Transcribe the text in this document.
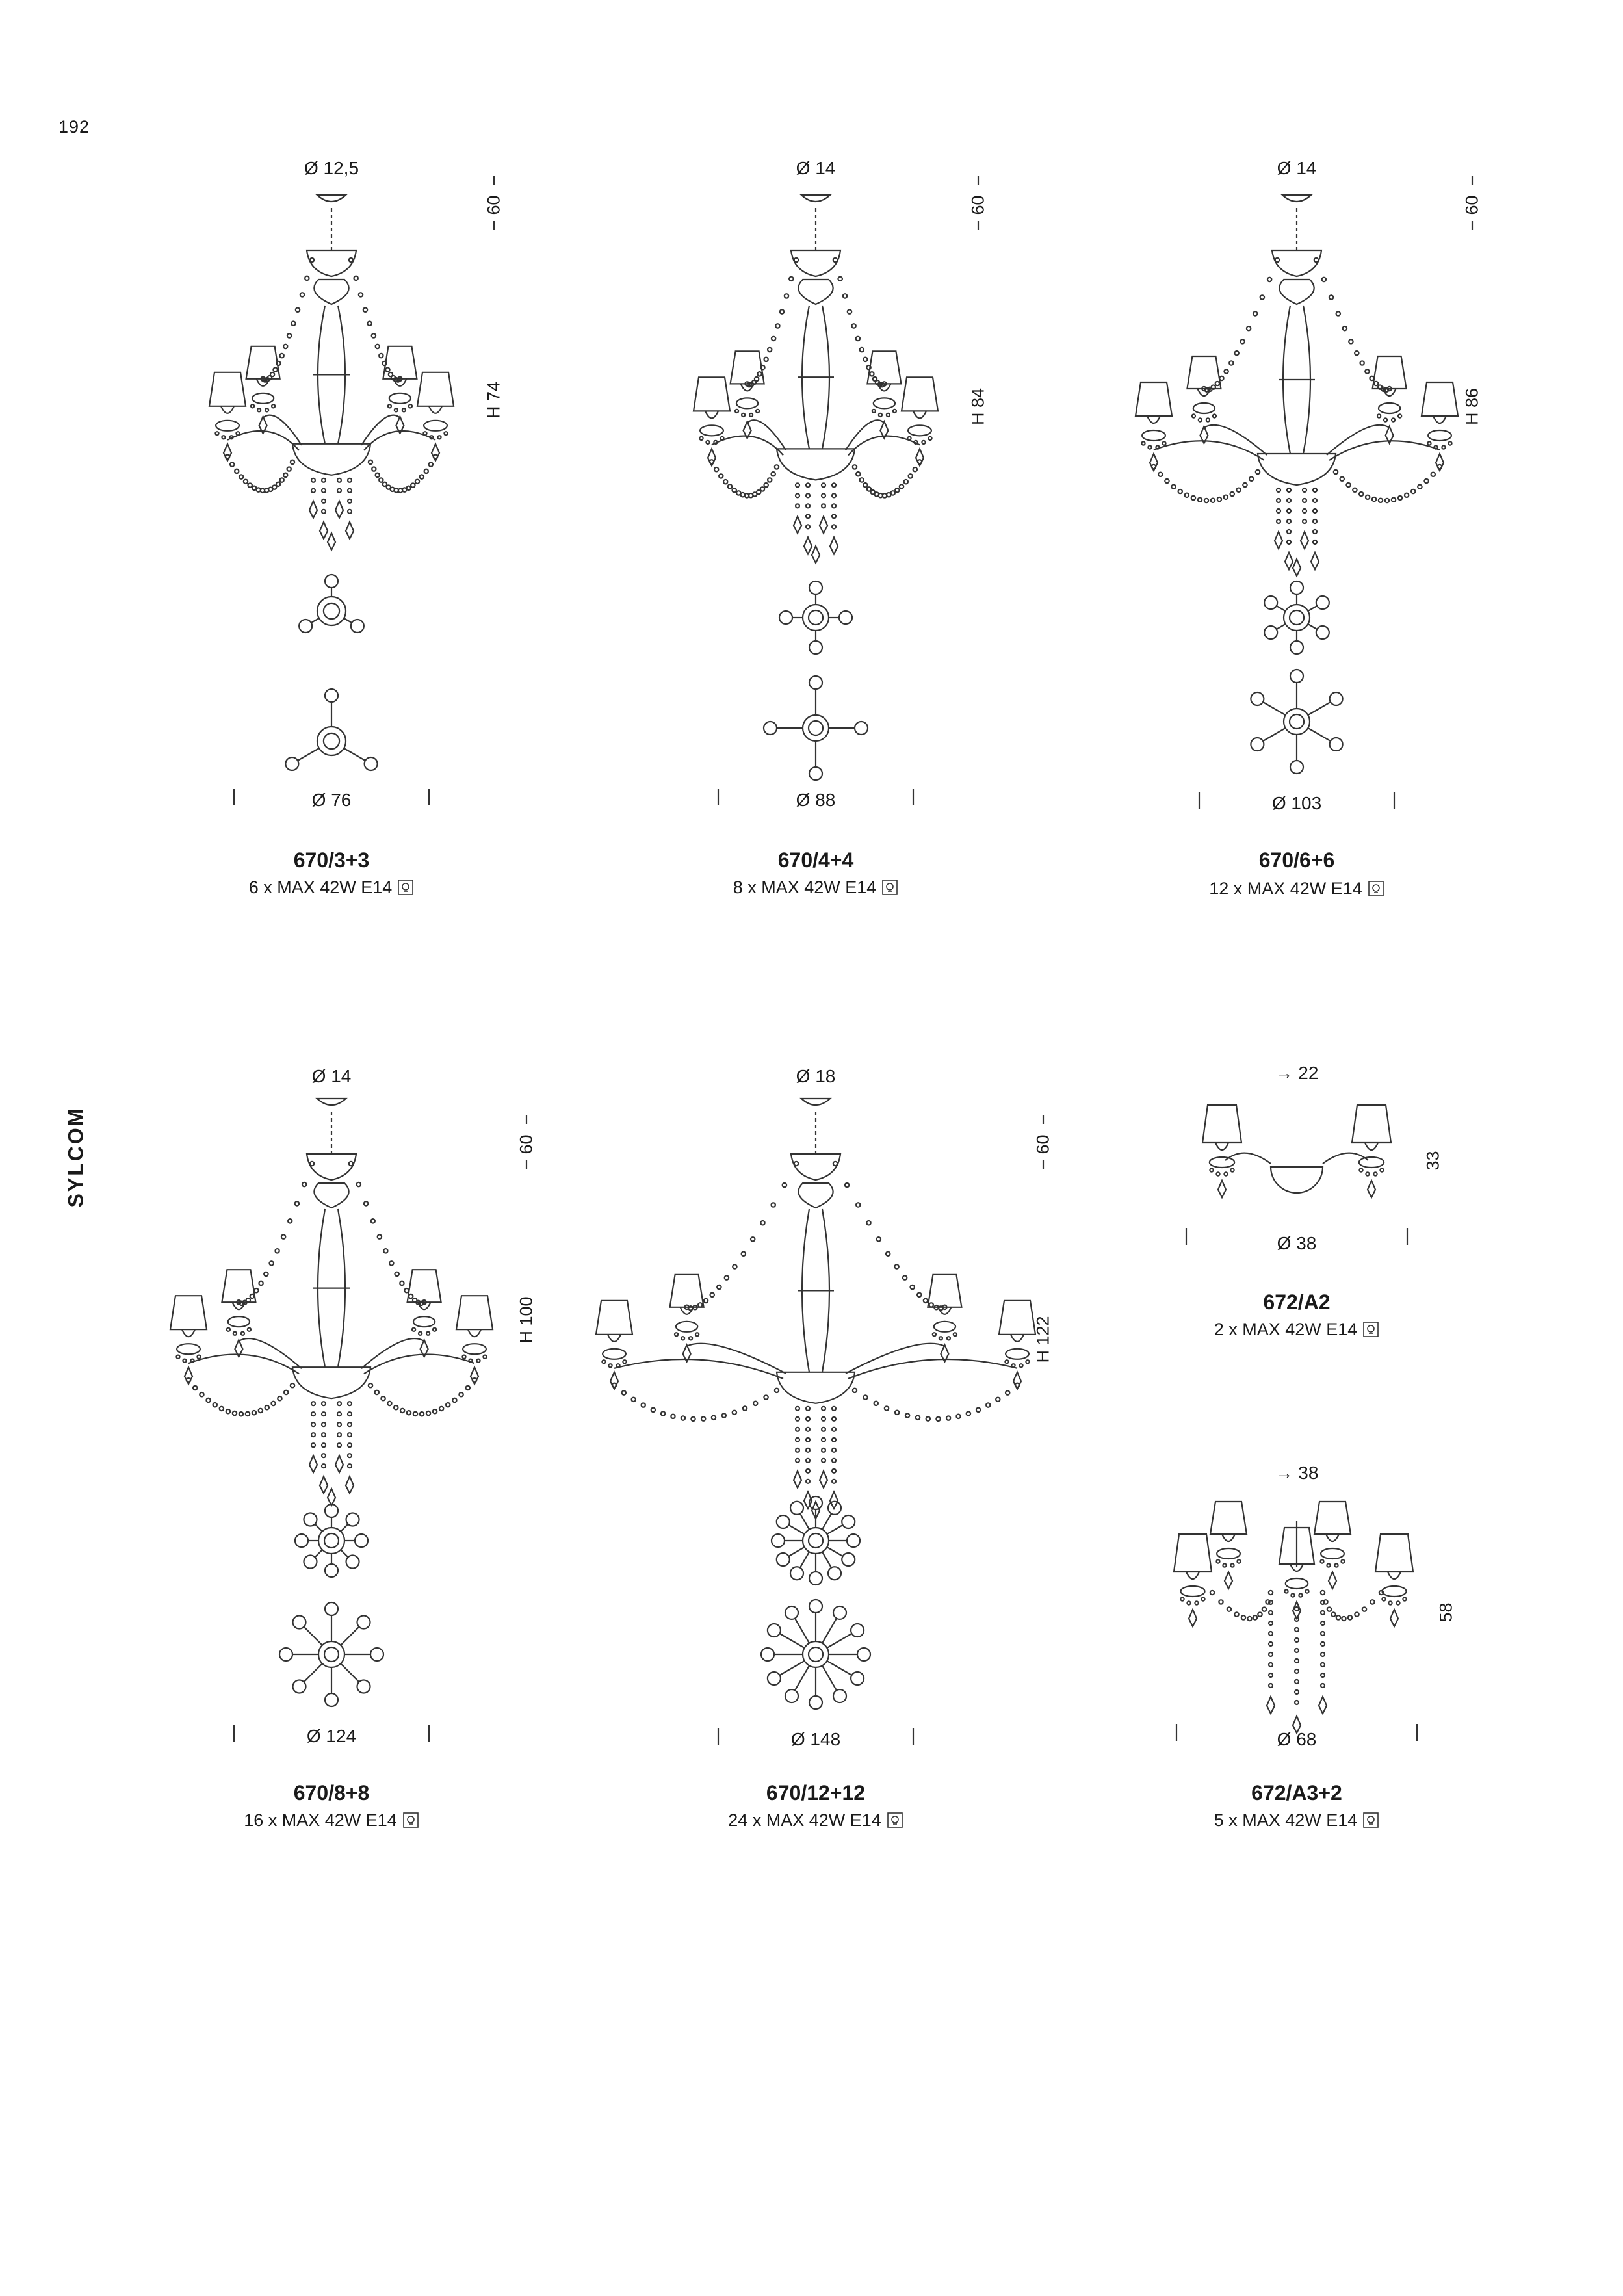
192
SYLCOM
Ø 12,5
60
H 74
Ø 76
670/3+3
6 x MAX 42W E14
Ø 14
60
H 84
Ø 88
670/4+4
8 x MAX 42W E14
Ø 14
60
H 86
Ø 103
670/6+6
12 x MAX 42W E14
Ø 14
60
H 100
Ø 124
670/8+8
16 x MAX 42W E14
Ø 18
60
H 122
Ø 148
670/12+12
24 x MAX 42W E14
→ 22
33
Ø 38
672/A2
2 x MAX 42W E14
→ 38
58
Ø 68
672/A3+2
5 x MAX 42W E14
